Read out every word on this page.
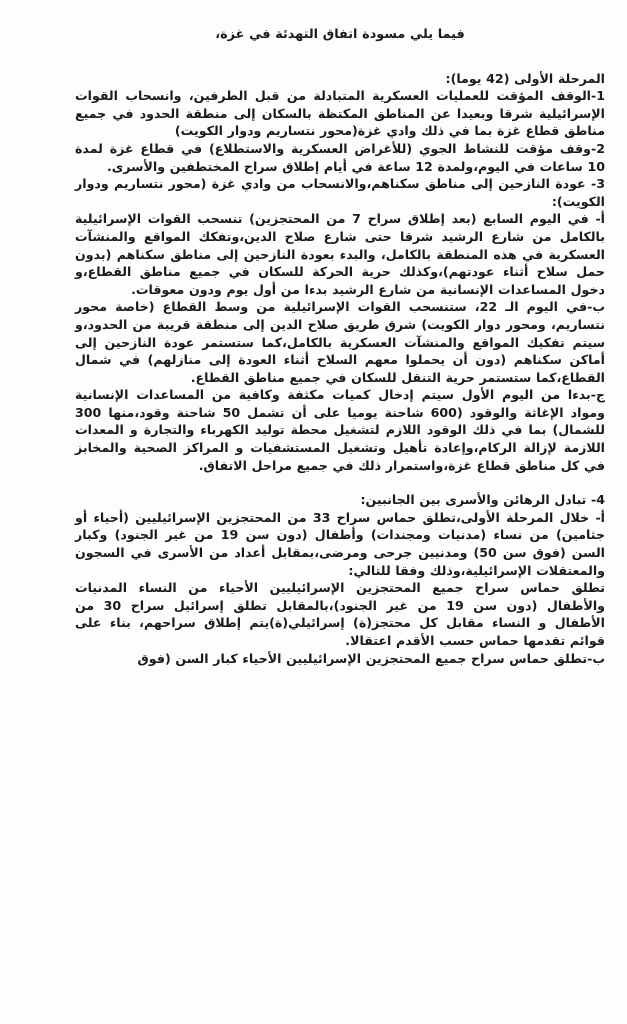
فيما يلي مسودة اتفاق التهدئة في غزة،

المرحلة الأولى (42 يوما):

1-الوقف المؤقت للعمليات العسكرية المتبادلة من قبل الطرفين، وانسحاب القوات الإسرائيلية شرقا وبعيدا عن المناطق المكتظة بالسكان إلى منطقة الحدود في جميع مناطق قطاع غزة بما في ذلك وادي غزة(محور نتساريم ودوار الكويت)

2-وقف مؤقت للنشاط الجوي (للأغراض العسكرية والاستطلاع) في قطاع غزة لمدة 10 ساعات في اليوم،ولمدة 12 ساعة في أيام إطلاق سراح المختطفين والأسرى.

3- عودة النازحين إلى مناطق سكناهم،والانسحاب من وادي غزة (محور نتساريم ودوار الكويت):

أ- في اليوم السابع (بعد إطلاق سراح 7 من المحتجزين) تنسحب القوات الإسرائيلية بالكامل من شارع الرشيد شرقا حتى شارع صلاح الدين،وتفكك المواقع والمنشآت العسكرية في هذه المنطقة بالكامل، والبدء بعودة النازحين إلى مناطق سكناهم (بدون حمل سلاح أثناء عودتهم)،وكذلك حرية الحركة للسكان في جميع مناطق القطاع،و دخول المساعدات الإنسانية من شارع الرشيد بدءا من أول يوم ودون معوقات.

ب-في اليوم الـ 22، ستنسحب القوات الإسرائيلية من وسط القطاع (خاصة محور نتساريم، ومحور دوار الكويت) شرق طريق صلاح الدين إلى منطقة قريبة من الحدود،و سيتم تفكيك المواقع والمنشآت العسكرية بالكامل،كما ستستمر عودة النازحين إلى أماكن سكناهم (دون أن يحملوا معهم السلاح أثناء العودة إلى منازلهم) في شمال القطاع،كما ستستمر حرية التنقل للسكان في جميع مناطق القطاع.

ج-بدءا من اليوم الأول سيتم إدخال كميات مكثفة وكافية من المساعدات الإنسانية ومواد الإغاثة والوقود (600 شاحنة يوميا على أن تشمل 50 شاحنة وقود،منها 300 للشمال) بما في ذلك الوقود اللازم لتشغيل محطة توليد الكهرباء والتجارة و المعدات اللازمة لإزالة الركام،وإعادة تأهيل وتشغيل المستشفيات و المراكز الصحية والمخابز في كل مناطق قطاع غزة،واستمرار ذلك في جميع مراحل الاتفاق.

4- تبادل الرهائن والأسرى بين الجانبين:

أ- خلال المرحلة الأولى،تطلق حماس سراح 33 من المحتجزين الإسرائيليين (أحياء أو جثامين) من نساء (مدنيات ومجندات) وأطفال (دون سن 19 من غير الجنود) وكبار السن (فوق سن 50) ومدنيين جرحى ومرضى،بمقابل أعداد من الأسرى في السجون والمعتقلات الإسرائيلية،وذلك وفقا للتالي:

تطلق حماس سراح جميع المحتجزين الإسرائيليين الأحياء من النساء المدنيات والأطفال (دون سن 19 من غير الجنود)،بالمقابل تطلق إسرائيل سراح 30 من الأطفال و النساء مقابل كل محتجز(ة) إسرائيلي(ة)يتم إطلاق سراحهم، بناء على قوائم تقدمها حماس حسب الأقدم اعتقالا.

ب-تطلق حماس سراح جميع المحتجزين الإسرائيليين الأحياء كبار السن (فوق
